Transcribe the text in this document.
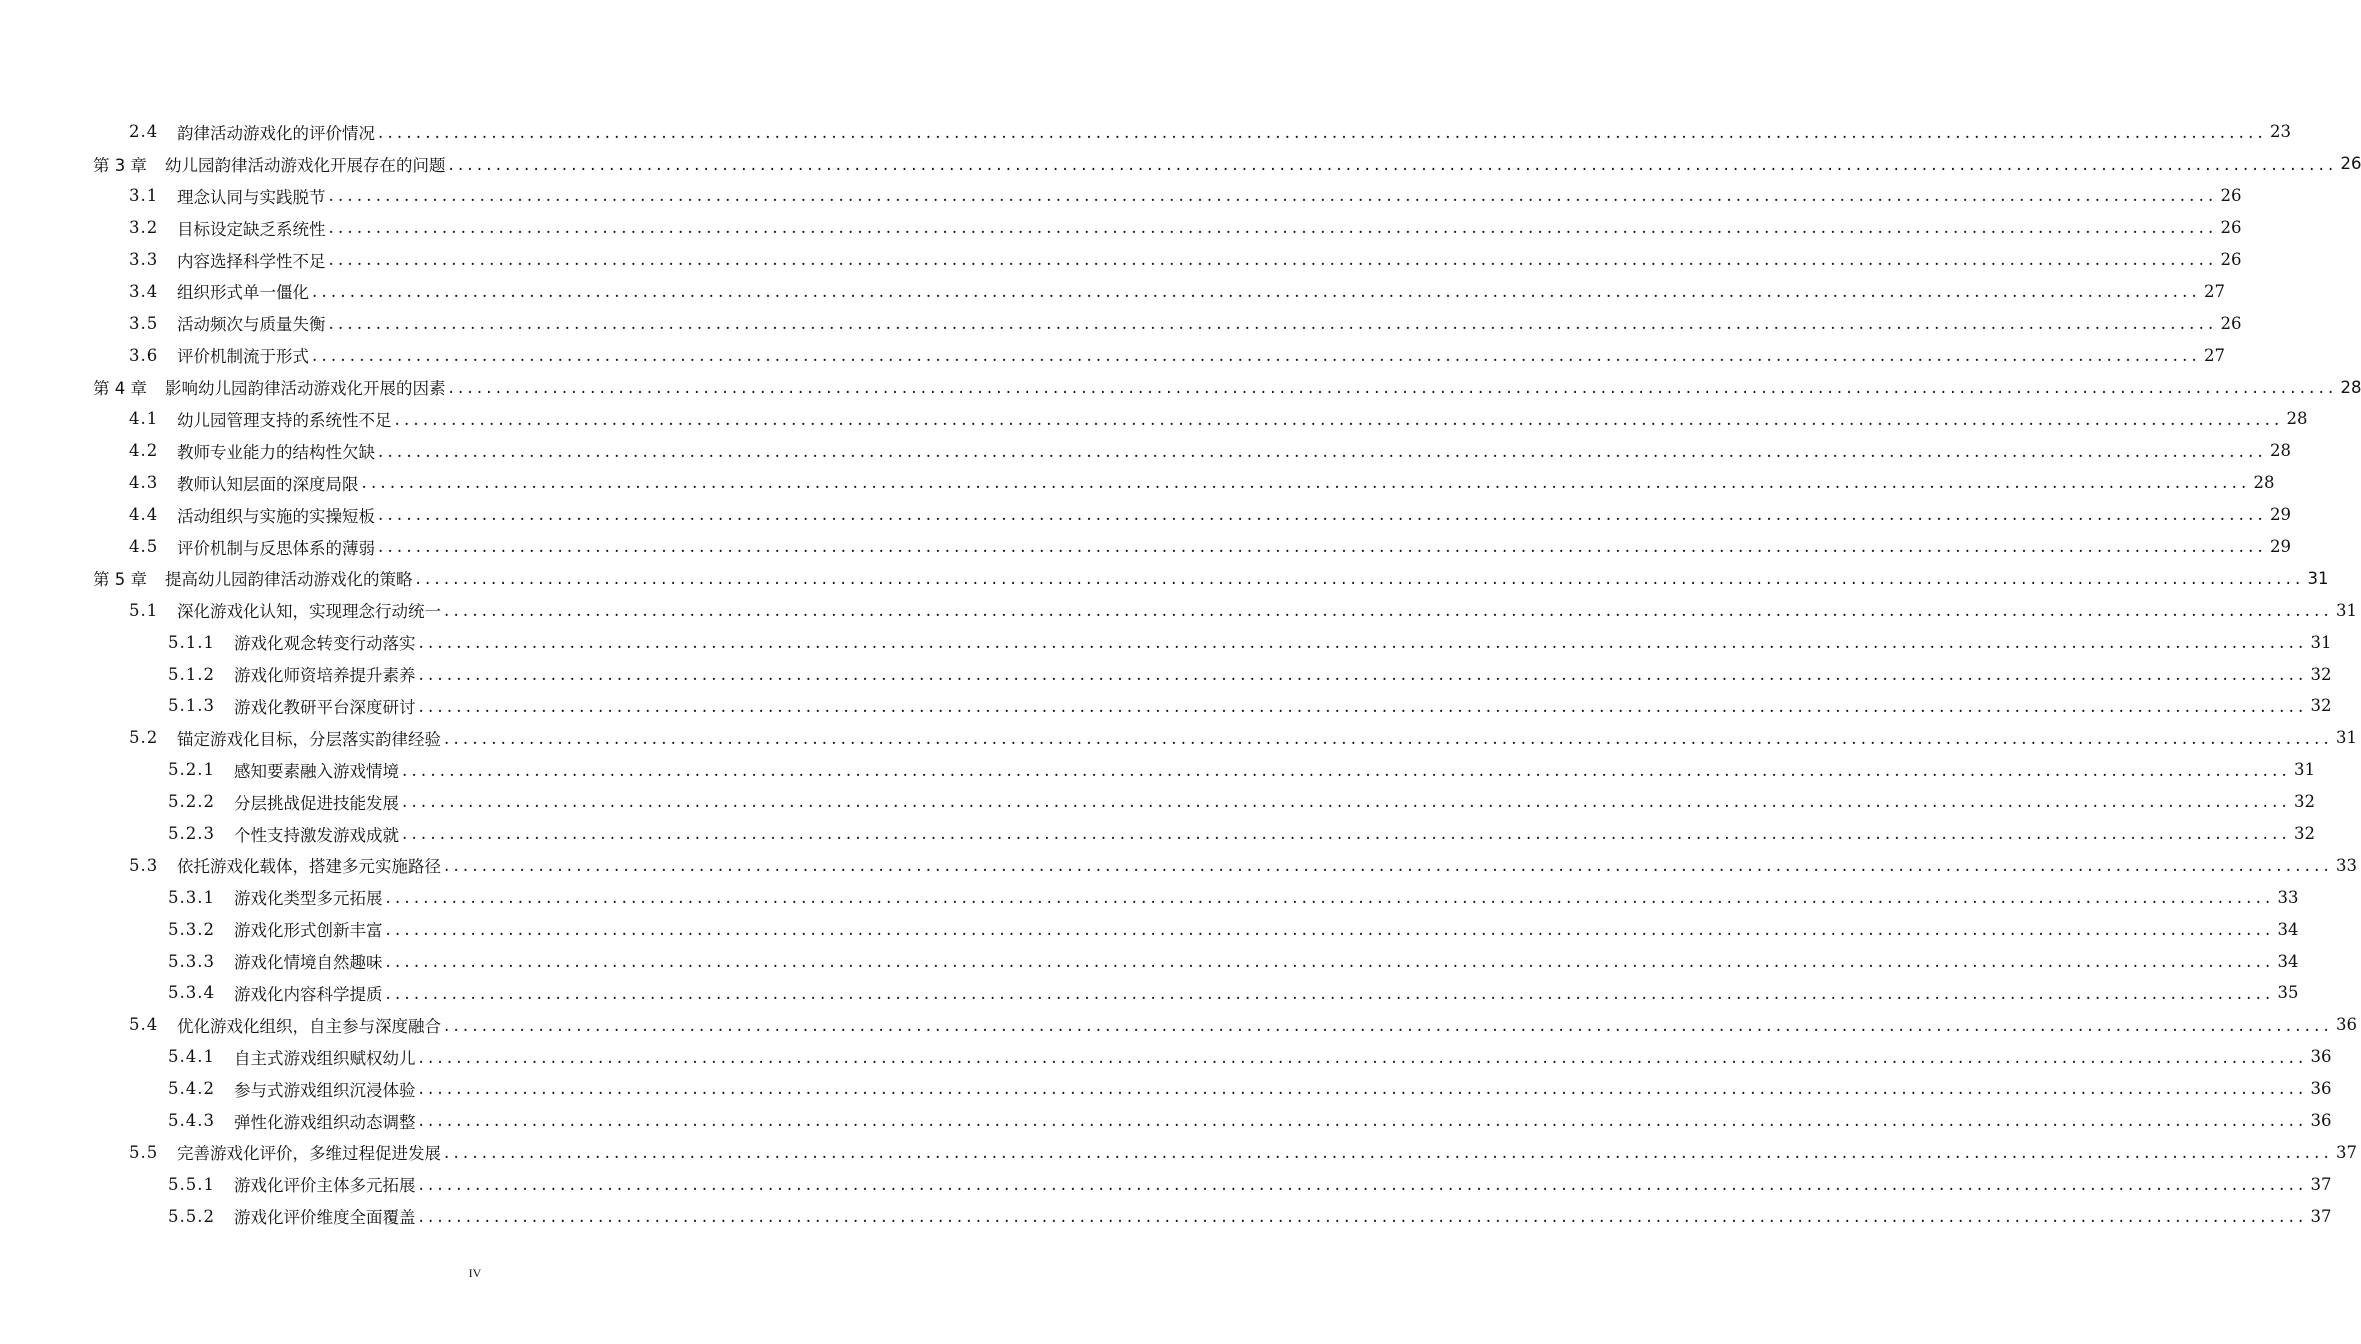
2.4	韵律活动游戏化的评价情况 ........................................................................................................................................................................................................ 23
第 3 章	幼儿园韵律活动游戏化开展存在的问题 ........................................................................................................................................................................................................ 26
3.1	理念认同与实践脱节 ........................................................................................................................................................................................................ 26
3.2	目标设定缺乏系统性 ........................................................................................................................................................................................................ 26
3.3	内容选择科学性不足 ........................................................................................................................................................................................................ 26
3.4	组织形式单一僵化 ........................................................................................................................................................................................................ 27
3.5	活动频次与质量失衡 ........................................................................................................................................................................................................ 26
3.6	评价机制流于形式 ........................................................................................................................................................................................................ 27
第 4 章	影响幼儿园韵律活动游戏化开展的因素 ........................................................................................................................................................................................................ 28
4.1	幼儿园管理支持的系统性不足 ........................................................................................................................................................................................................ 28
4.2	教师专业能力的结构性欠缺 ........................................................................................................................................................................................................ 28
4.3	教师认知层面的深度局限 ........................................................................................................................................................................................................ 28
4.4	活动组织与实施的实操短板 ........................................................................................................................................................................................................ 29
4.5	评价机制与反思体系的薄弱 ........................................................................................................................................................................................................ 29
第 5 章	提高幼儿园韵律活动游戏化的策略 ........................................................................................................................................................................................................ 31
5.1	深化游戏化认知，实现理念行动统一 ........................................................................................................................................................................................................ 31
5.1.1	游戏化观念转变行动落实 ........................................................................................................................................................................................................ 31
5.1.2	游戏化师资培养提升素养 ........................................................................................................................................................................................................ 32
5.1.3	游戏化教研平台深度研讨 ........................................................................................................................................................................................................ 32
5.2	锚定游戏化目标，分层落实韵律经验 ........................................................................................................................................................................................................ 31
5.2.1	感知要素融入游戏情境 ........................................................................................................................................................................................................ 31
5.2.2	分层挑战促进技能发展 ........................................................................................................................................................................................................ 32
5.2.3	个性支持激发游戏成就 ........................................................................................................................................................................................................ 32
5.3	依托游戏化载体，搭建多元实施路径 ........................................................................................................................................................................................................ 33
5.3.1	游戏化类型多元拓展 ........................................................................................................................................................................................................ 33
5.3.2	游戏化形式创新丰富 ........................................................................................................................................................................................................ 34
5.3.3	游戏化情境自然趣味 ........................................................................................................................................................................................................ 34
5.3.4	游戏化内容科学提质 ........................................................................................................................................................................................................ 35
5.4	优化游戏化组织，自主参与深度融合 ........................................................................................................................................................................................................ 36
5.4.1	自主式游戏组织赋权幼儿 ........................................................................................................................................................................................................ 36
5.4.2	参与式游戏组织沉浸体验 ........................................................................................................................................................................................................ 36
5.4.3	弹性化游戏组织动态调整 ........................................................................................................................................................................................................ 36
5.5	完善游戏化评价，多维过程促进发展 ........................................................................................................................................................................................................ 37
5.5.1	游戏化评价主体多元拓展 ........................................................................................................................................................................................................ 37
5.5.2	游戏化评价维度全面覆盖 ........................................................................................................................................................................................................ 37
IV
